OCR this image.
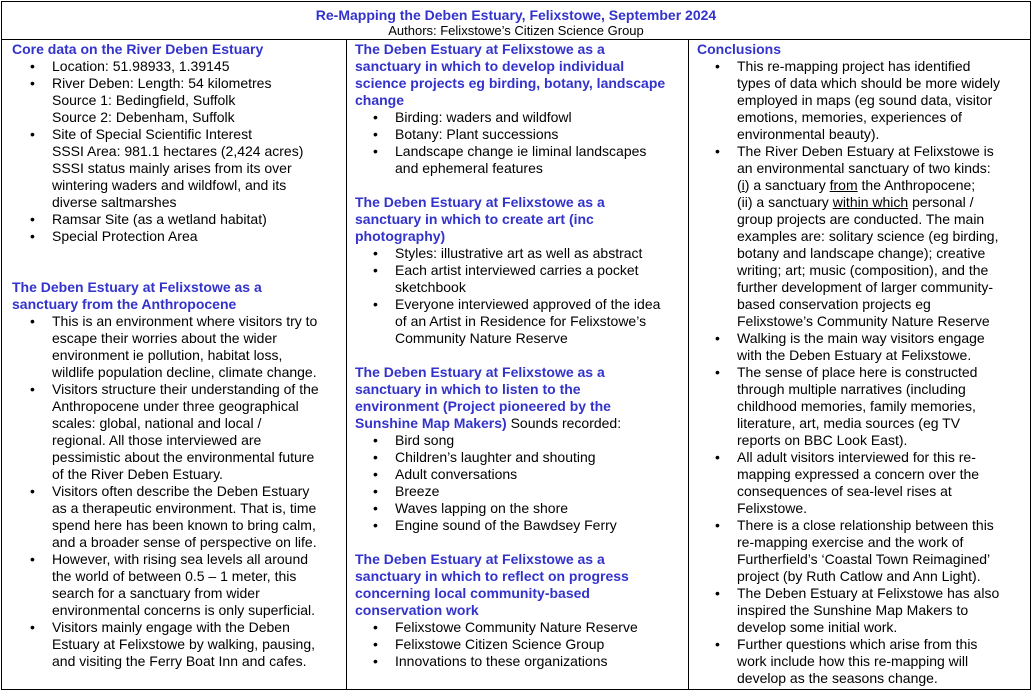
Re-Mapping the Deben Estuary, Felixstowe, September 2024
Authors: Felixstowe’s Citizen Science Group
Core data on the River Deben Estuary
• Location: 51.98933, 1.39145
• River Deben: Length: 54 kilometres
Source 1: Bedingfield, Suffolk
Source 2: Debenham, Suffolk
• Site of Special Scientific Interest
SSSI Area: 981.1 hectares (2,424 acres)
SSSI status mainly arises from its over
wintering waders and wildfowl, and its
diverse saltmarshes
• Ramsar Site (as a wetland habitat)
• Special Protection Area
The Deben Estuary at Felixstowe as a
sanctuary from the Anthropocene
• This is an environment where visitors try to
escape their worries about the wider
environment ie pollution, habitat loss,
wildlife population decline, climate change.
• Visitors structure their understanding of the
Anthropocene under three geographical
scales: global, national and local /
regional. All those interviewed are
pessimistic about the environmental future
of the River Deben Estuary.
• Visitors often describe the Deben Estuary
as a therapeutic environment. That is, time
spend here has been known to bring calm,
and a broader sense of perspective on life.
• However, with rising sea levels all around
the world of between 0.5 – 1 meter, this
search for a sanctuary from wider
environmental concerns is only superficial.
• Visitors mainly engage with the Deben
Estuary at Felixstowe by walking, pausing,
and visiting the Ferry Boat Inn and cafes.
The Deben Estuary at Felixstowe as a
sanctuary in which to develop individual
science projects eg birding, botany, landscape
change
• Birding: waders and wildfowl
• Botany: Plant successions
• Landscape change ie liminal landscapes
and ephemeral features
The Deben Estuary at Felixstowe as a
sanctuary in which to create art (inc
photography)
• Styles: illustrative art as well as abstract
• Each artist interviewed carries a pocket
sketchbook
• Everyone interviewed approved of the idea
of an Artist in Residence for Felixstowe’s
Community Nature Reserve
The Deben Estuary at Felixstowe as a
sanctuary in which to listen to the
environment (Project pioneered by the
Sunshine Map Makers) Sounds recorded:
• Bird song
• Children’s laughter and shouting
• Adult conversations
• Breeze
• Waves lapping on the shore
• Engine sound of the Bawdsey Ferry
The Deben Estuary at Felixstowe as a
sanctuary in which to reflect on progress
concerning local community-based
conservation work
• Felixstowe Community Nature Reserve
• Felixstowe Citizen Science Group
• Innovations to these organizations
Conclusions
• This re-mapping project has identified
types of data which should be more widely
employed in maps (eg sound data, visitor
emotions, memories, experiences of
environmental beauty).
• The River Deben Estuary at Felixstowe is
an environmental sanctuary of two kinds:
(i) a sanctuary from the Anthropocene;
(ii) a sanctuary within which personal /
group projects are conducted. The main
examples are: solitary science (eg birding,
botany and landscape change); creative
writing; art; music (composition), and the
further development of larger community-
based conservation projects eg
Felixstowe’s Community Nature Reserve
• Walking is the main way visitors engage
with the Deben Estuary at Felixstowe.
• The sense of place here is constructed
through multiple narratives (including
childhood memories, family memories,
literature, art, media sources (eg TV
reports on BBC Look East).
• All adult visitors interviewed for this re-
mapping expressed a concern over the
consequences of sea-level rises at
Felixstowe.
• There is a close relationship between this
re-mapping exercise and the work of
Furtherfield’s ‘Coastal Town Reimagined’
project (by Ruth Catlow and Ann Light).
• The Deben Estuary at Felixstowe has also
inspired the Sunshine Map Makers to
develop some initial work.
• Further questions which arise from this
work include how this re-mapping will
develop as the seasons change.
